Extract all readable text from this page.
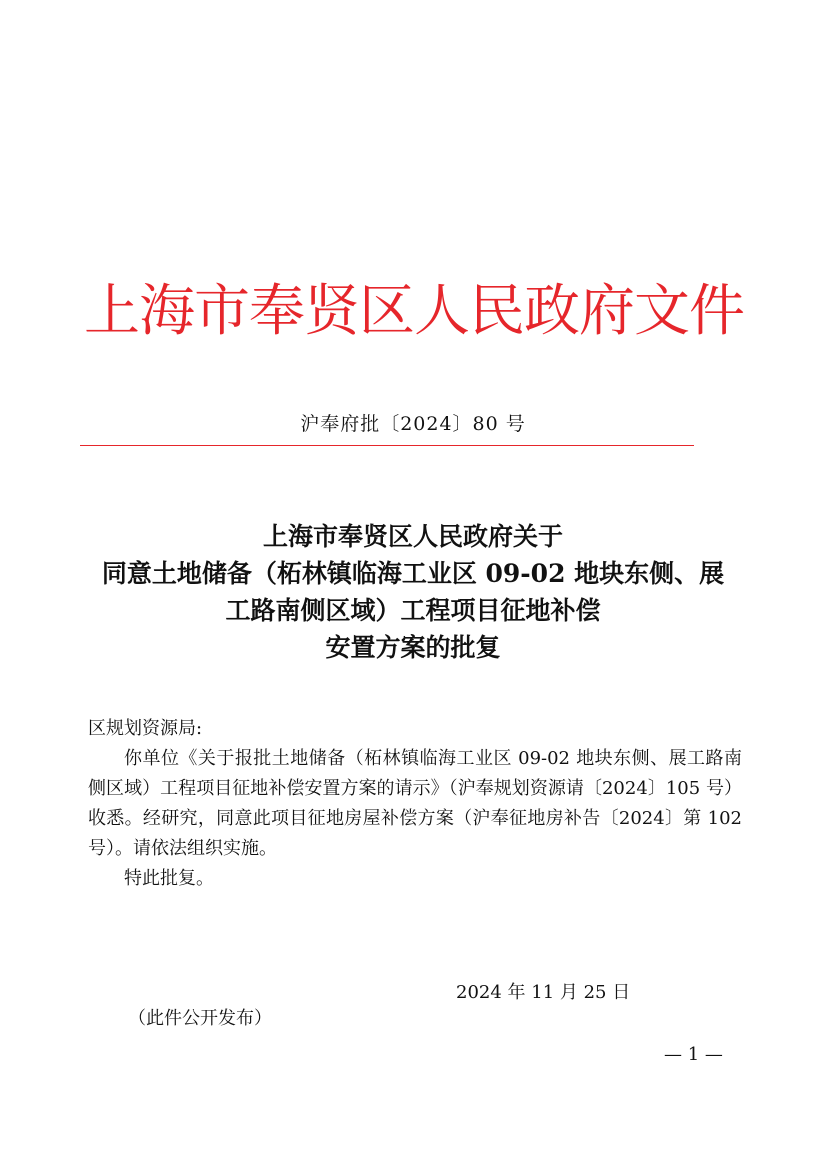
上海市奉贤区人民政府文件
沪奉府批〔2024〕80 号
上海市奉贤区人民政府关于
同意土地储备（柘林镇临海工业区 09-02 地块东侧、展
工路南侧区域）工程项目征地补偿
安置方案的批复

区规划资源局:

你单位《关于报批土地储备（柘林镇临海工业区 09-02 地块东侧、展工路南侧区域）工程项目征地补偿安置方案的请示》（沪奉规划资源请〔2024〕105 号）收悉。经研究，同意此项目征地房屋补偿方案（沪奉征地房补告〔2024〕第 102 号）。请依法组织实施。

特此批复。

2024 年 11 月 25 日
（此件公开发布）
— 1 —
